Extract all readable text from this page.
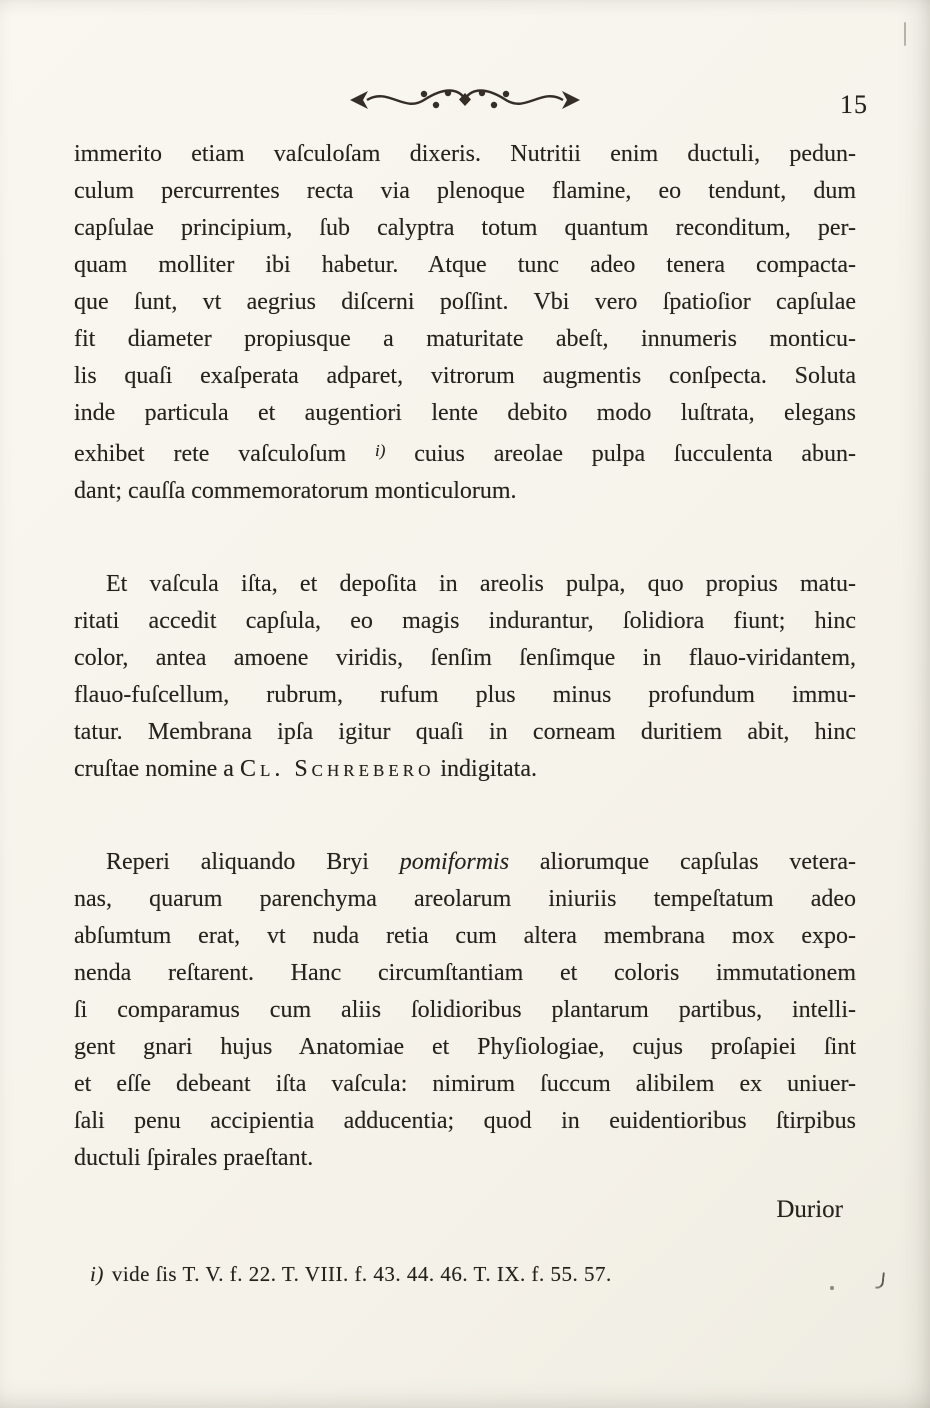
15
immerito etiam vaſculoſam dixeris. Nutritii enim ductuli, pedun-
culum percurrentes recta via plenoque flamine, eo tendunt, dum
capſulae principium, ſub calyptra totum quantum reconditum, per-
quam molliter ibi habetur. Atque tunc adeo tenera compacta-
que ſunt, vt aegrius diſcerni poſſint. Vbi vero ſpatioſior capſulae
fit diameter propiusque a maturitate abeſt, innumeris monticu-
lis quaſi exaſperata adparet, vitrorum augmentis conſpecta. Soluta
inde particula et augentiori lente debito modo luſtrata, elegans
exhibet rete vaſculoſum $^{i)}$ cuius areolae pulpa ſucculenta abun-
dant; cauſſa commemoratorum monticulorum.
Et vaſcula iſta, et depoſita in areolis pulpa, quo propius matu-
ritati accedit capſula, eo magis indurantur, ſolidiora fiunt; hinc
color, antea amoene viridis, ſenſim ſenſimque in flauo-viridantem,
flauo-fuſcellum, rubrum, rufum plus minus profundum immu-
tatur. Membrana ipſa igitur quaſi in corneam duritiem abit, hinc
cruſtae nomine a Cl. Schrebero indigitata.
Reperi aliquando Bryi pomiformis aliorumque capſulas vetera-
nas, quarum parenchyma areolarum iniuriis tempeſtatum adeo
abſumtum erat, vt nuda retia cum altera membrana mox expo-
nenda reſtarent. Hanc circumſtantiam et coloris immutationem
ſi comparamus cum aliis ſolidioribus plantarum partibus, intelli-
gent gnari hujus Anatomiae et Phyſiologiae, cujus proſapiei ſint
et eſſe debeant iſta vaſcula: nimirum ſuccum alibilem ex uniuer-
ſali penu accipientia adducentia; quod in euidentioribus ſtirpibus
ductuli ſpirales praeſtant.
Durior
i) vide ſis T. V. f. 22. T. VIII. f. 43. 44. 46. T. IX. f. 55. 57.
